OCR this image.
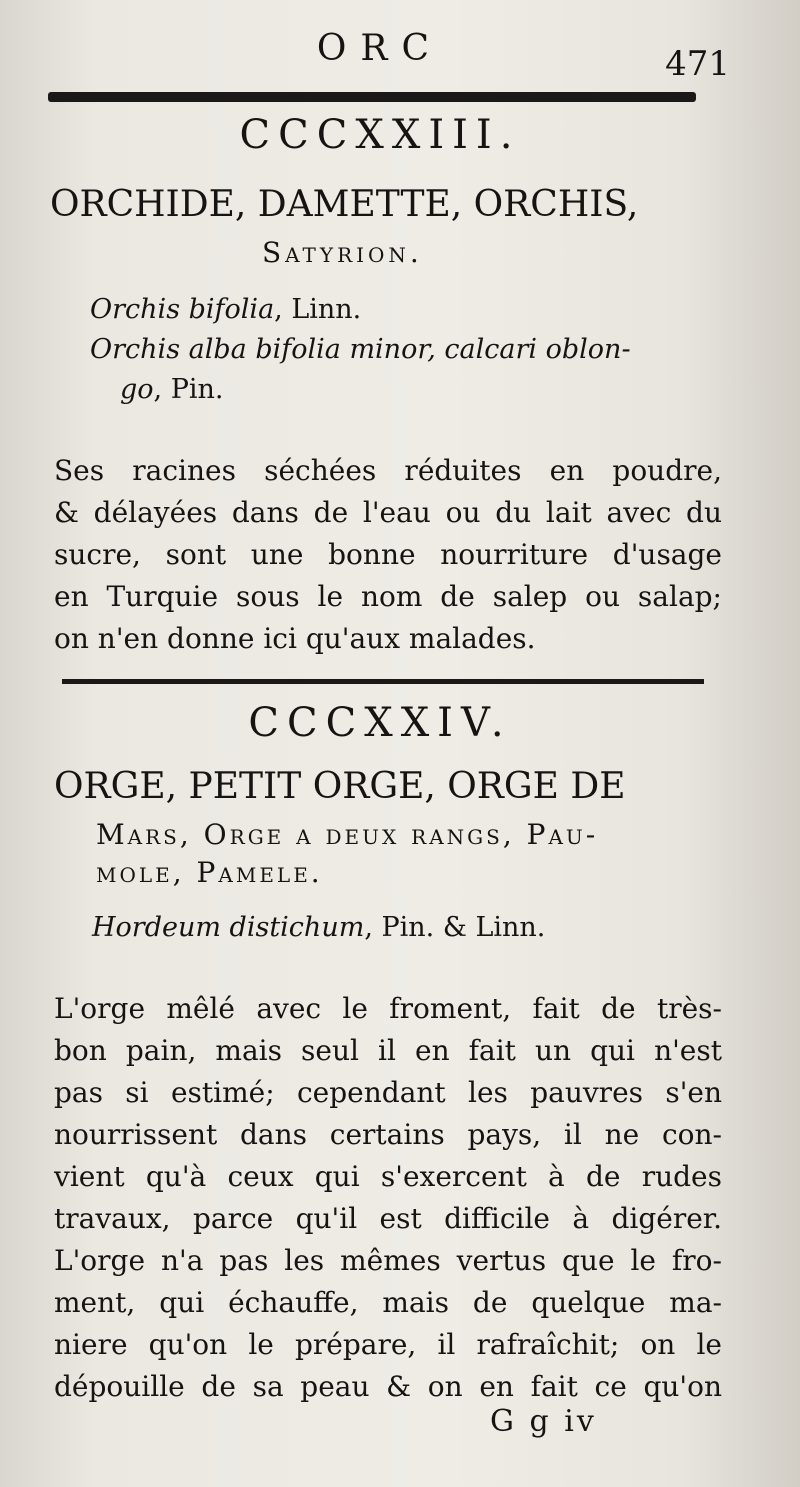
ORC	471
CCCXXIII.
ORCHIDE, DAMETTE, ORCHIS,
Satyrion.
Orchis bifolia, Linn.
Orchis alba bifolia minor, calcari oblon-
go, Pin.
Ses racines séchées réduites en poudre,
& délayées dans de l'eau ou du lait avec du
sucre, sont une bonne nourriture d'usage
en Turquie sous le nom de salep ou salap;
on n'en donne ici qu'aux malades.
CCCXXIV.
ORGE, PETIT ORGE, ORGE DE
Mars, Orge a deux rangs, Pau-
mole, Pamele.
Hordeum distichum, Pin. & Linn.
L'orge mêlé avec le froment, fait de très-
bon pain, mais seul il en fait un qui n'est
pas si estimé; cependant les pauvres s'en
nourrissent dans certains pays, il ne con-
vient qu'à ceux qui s'exercent à de rudes
travaux, parce qu'il est difficile à digérer.
L'orge n'a pas les mêmes vertus que le fro-
ment, qui échauffe, mais de quelque ma-
niere qu'on le prépare, il rafraîchit; on le
dépouille de sa peau & on en fait ce qu'on
G g iv
